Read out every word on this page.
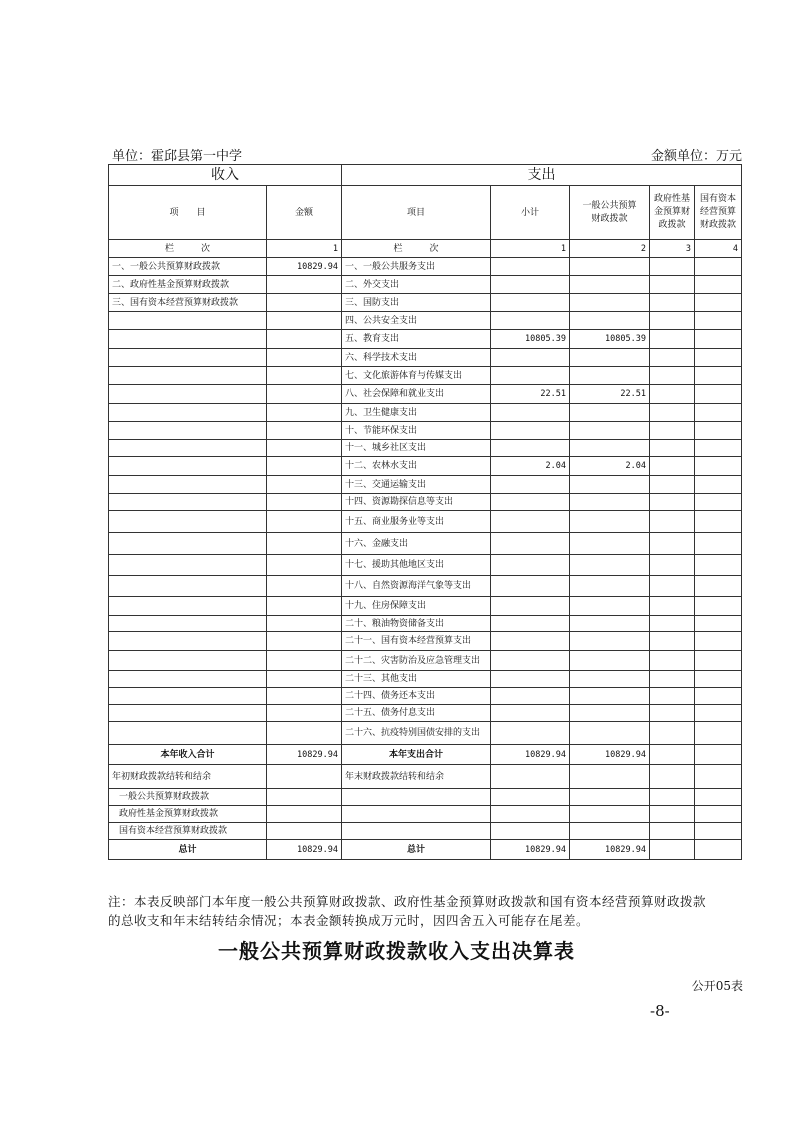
单位：霍邱县第一中学	金额单位：万元
收入		支出				
项　　目	金额	项目	小计	一般公共预算财政拨款	政府性基金预算财政拨款	国有资本经营预算财政拨款
栏　　　次	1	栏　　　次	1	2	3	4
一、一般公共预算财政拨款	10829.94	一、一般公共服务支出				
二、政府性基金预算财政拨款		二、外交支出				
三、国有资本经营预算财政拨款		三、国防支出				
		四、公共安全支出				
		五、教育支出	10805.39	10805.39		
		六、科学技术支出				
		七、文化旅游体育与传媒支出				
		八、社会保障和就业支出	22.51	22.51		
		九、卫生健康支出				
		十、节能环保支出				
		十一、城乡社区支出				
		十二、农林水支出	2.04	2.04		
		十三、交通运输支出				
		十四、资源勘探信息等支出				
		十五、商业服务业等支出				
		十六、金融支出				
		十七、援助其他地区支出				
		十八、自然资源海洋气象等支出				
		十九、住房保障支出				
		二十、粮油物资储备支出				
		二十一、国有资本经营预算支出				
		二十二、灾害防治及应急管理支出				
		二十三、其他支出				
		二十四、债务还本支出				
		二十五、债务付息支出				
		二十六、抗疫特别国债安排的支出				
本年收入合计	10829.94	本年支出合计	10829.94	10829.94		
年初财政拨款结转和结余		年末财政拨款结转和结余				
一般公共预算财政拨款						
政府性基金预算财政拨款						
国有资本经营预算财政拨款						
总计	10829.94	总计	10829.94	10829.94		
注：本表反映部门本年度一般公共预算财政拨款、政府性基金预算财政拨款和国有资本经营预算财政拨款的总收支和年末结转结余情况；本表金额转换成万元时，因四舍五入可能存在尾差。
一般公共预算财政拨款收入支出决算表
公开05表
-8-
